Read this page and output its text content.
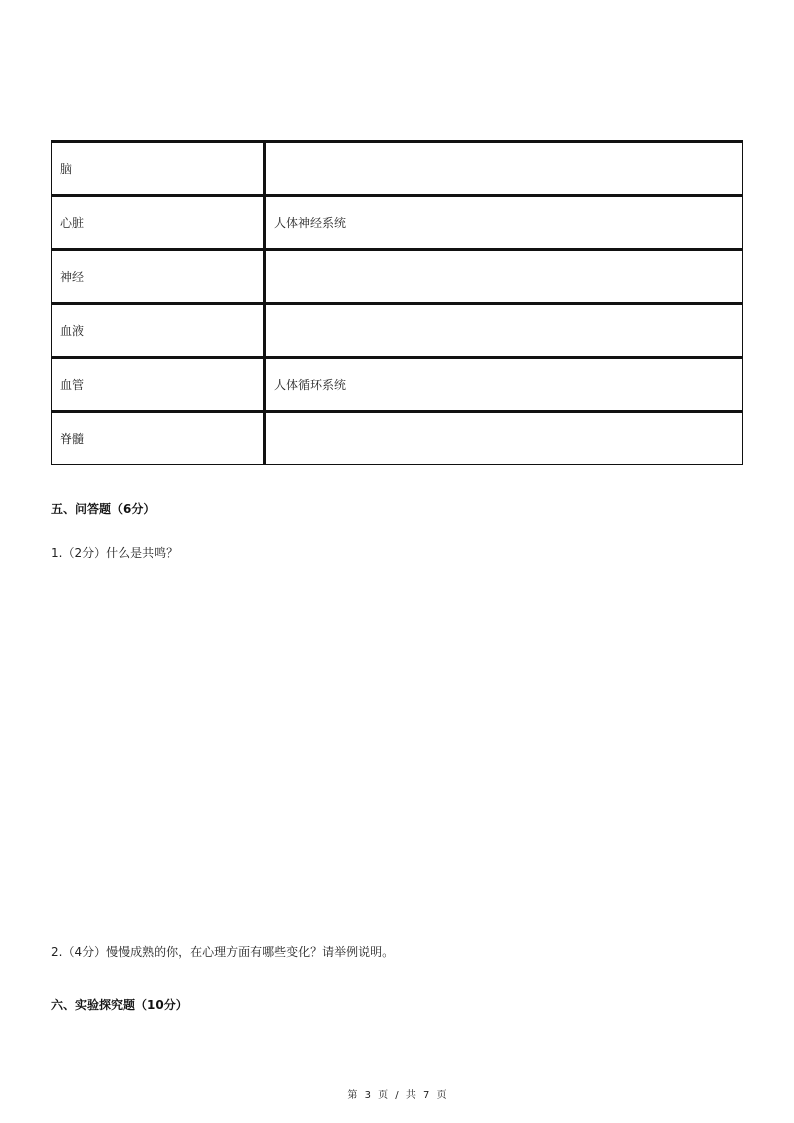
脑	
心脏	人体神经系统
神经	
血液	
血管	人体循环系统
脊髓	
五、问答题（6分）
1.（2分）什么是共鸣？
2.（4分）慢慢成熟的你，在心理方面有哪些变化？请举例说明。
六、实验探究题（10分）
第 3 页 / 共 7 页
